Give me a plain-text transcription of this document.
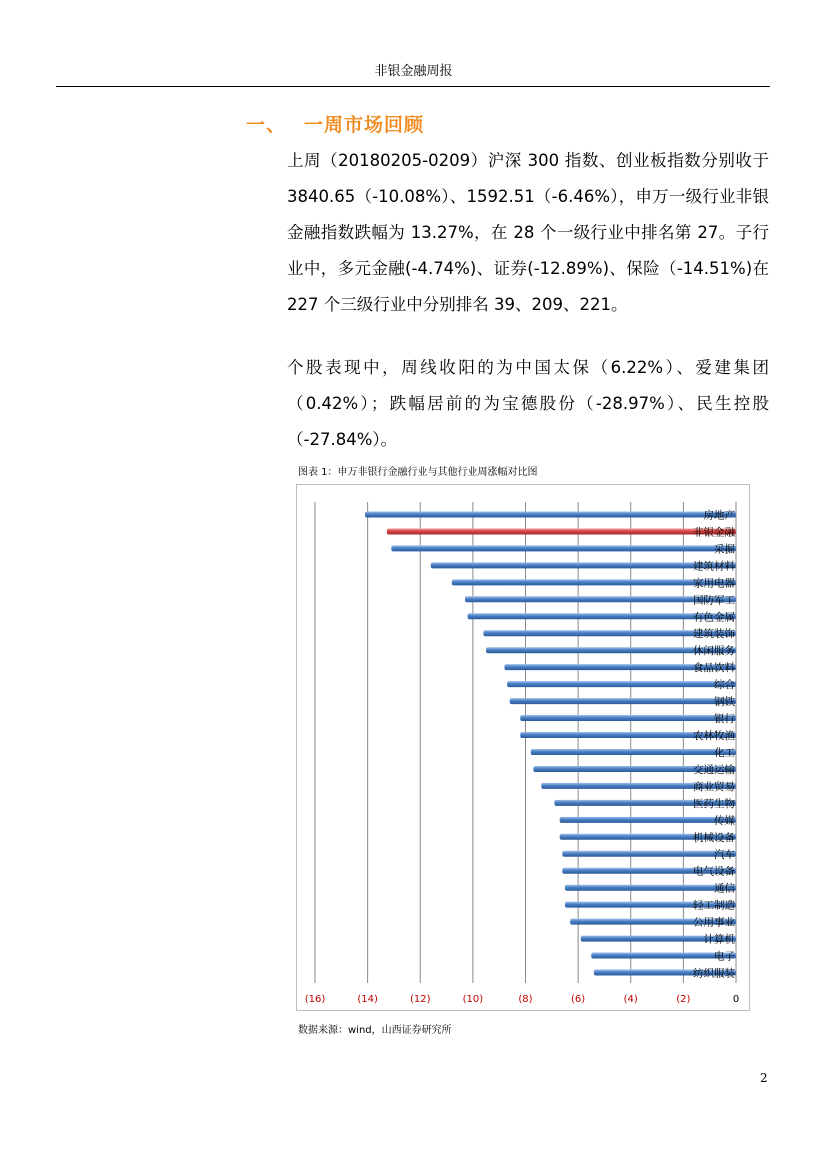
非银金融周报
一、 一周市场回顾

上周（20180205-0209）沪深 300 指数、创业板指数分别收于 3840.65（-10.08%）、1592.51（-6.46%），申万一级行业非银金融指数跌幅为 13.27%，在 28 个一级行业中排名第 27。子行业中，多元金融(-4.74%)、证券(-12.89%)、保险（-14.51%)在 227 个三级行业中分别排名 39、209、221。

个股表现中，周线收阳的为中国太保（6.22%）、爱建集团（0.42%）；跌幅居前的为宝德股份（-28.97%）、民生控股（-27.84%）。

图表 1：申万非银行金融行业与其他行业周涨幅对比图
房地产
非银金融
采掘
建筑材料
家用电器
国防军工
有色金属
建筑装饰
休闲服务
食品饮料
综合
钢铁
银行
农林牧渔
化工
交通运输
商业贸易
医药生物
传媒
机械设备
汽车
电气设备
通信
轻工制造
公用事业
计算机
电子
纺织服装
(16)	(14)	(12)	(10)	(8)	(6)	(4)	(2)	0
数据来源：wind，山西证券研究所
2
